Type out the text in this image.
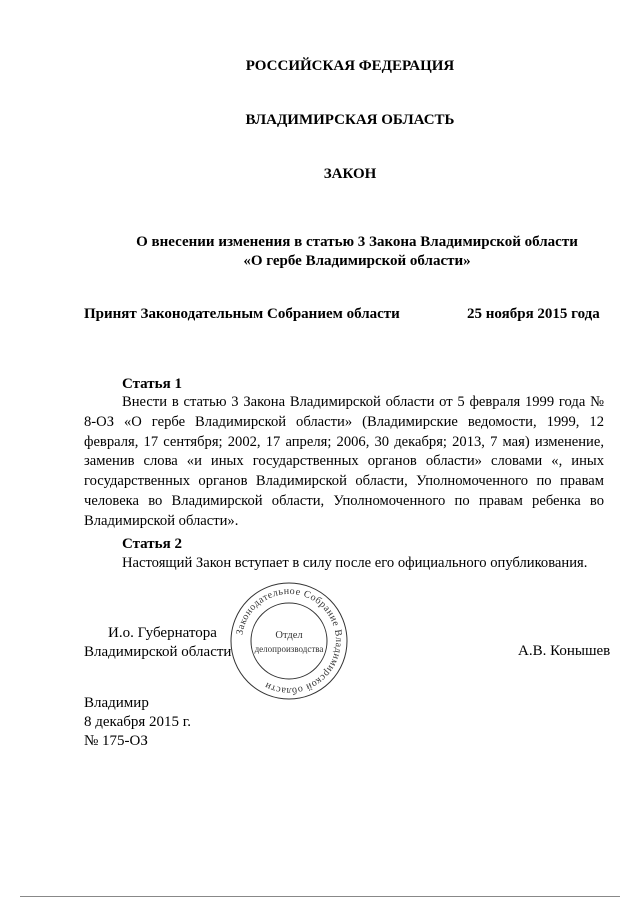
РОССИЙСКАЯ ФЕДЕРАЦИЯ
ВЛАДИМИРСКАЯ ОБЛАСТЬ
ЗАКОН
О внесении изменения в статью 3 Закона Владимирской области
«О гербе Владимирской области»
Принят Законодательным Собранием области	25 ноября 2015 года
Статья 1
Внести в статью 3 Закона Владимирской области от 5 февраля 1999 года № 8-ОЗ «О гербе Владимирской области» (Владимирские ведомости, 1999, 12 февраля, 17 сентября; 2002, 17 апреля; 2006, 30 декабря; 2013, 7 мая) изменение, заменив слова «и иных государственных органов области» словами «, иных государственных органов Владимирской области, Уполномоченного по правам человека во Владимирской области, Уполномоченного по правам ребенка во Владимирской области».
Статья 2
Настоящий Закон вступает в силу после его официального опубликования.
И.о. Губернатора
Владимирской области
Законодательное Собрание Владимирской области
Отдел
делопроизводства	А.В. Конышев
Владимир
8 декабря 2015 г.
№ 175-ОЗ
